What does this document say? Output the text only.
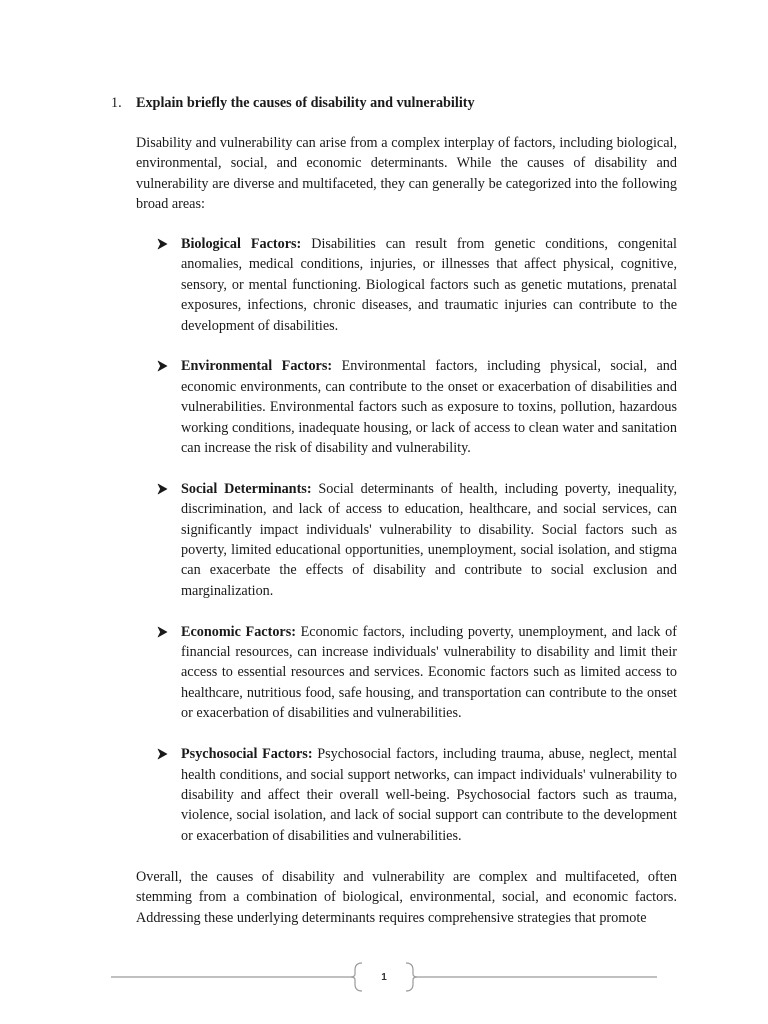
1.	Explain briefly the causes of disability and vulnerability

Disability and vulnerability can arise from a complex interplay of factors, including biological, environmental, social, and economic determinants. While the causes of disability and vulnerability are diverse and multifaceted, they can generally be categorized into the following broad areas:

Biological Factors: Disabilities can result from genetic conditions, congenital anomalies, medical conditions, injuries, or illnesses that affect physical, cognitive, sensory, or mental functioning. Biological factors such as genetic mutations, prenatal exposures, infections, chronic diseases, and traumatic injuries can contribute to the development of disabilities.
Environmental Factors: Environmental factors, including physical, social, and economic environments, can contribute to the onset or exacerbation of disabilities and vulnerabilities. Environmental factors such as exposure to toxins, pollution, hazardous working conditions, inadequate housing, or lack of access to clean water and sanitation can increase the risk of disability and vulnerability.
Social Determinants: Social determinants of health, including poverty, inequality, discrimination, and lack of access to education, healthcare, and social services, can significantly impact individuals' vulnerability to disability. Social factors such as poverty, limited educational opportunities, unemployment, social isolation, and stigma can exacerbate the effects of disability and contribute to social exclusion and marginalization.
Economic Factors: Economic factors, including poverty, unemployment, and lack of financial resources, can increase individuals' vulnerability to disability and limit their access to essential resources and services. Economic factors such as limited access to healthcare, nutritious food, safe housing, and transportation can contribute to the onset or exacerbation of disabilities and vulnerabilities.
Psychosocial Factors: Psychosocial factors, including trauma, abuse, neglect, mental health conditions, and social support networks, can impact individuals' vulnerability to disability and affect their overall well-being. Psychosocial factors such as trauma, violence, social isolation, and lack of social support can contribute to the development or exacerbation of disabilities and vulnerabilities.

Overall, the causes of disability and vulnerability are complex and multifaceted, often stemming from a combination of biological, environmental, social, and economic factors. Addressing these underlying determinants requires comprehensive strategies that promote

1
